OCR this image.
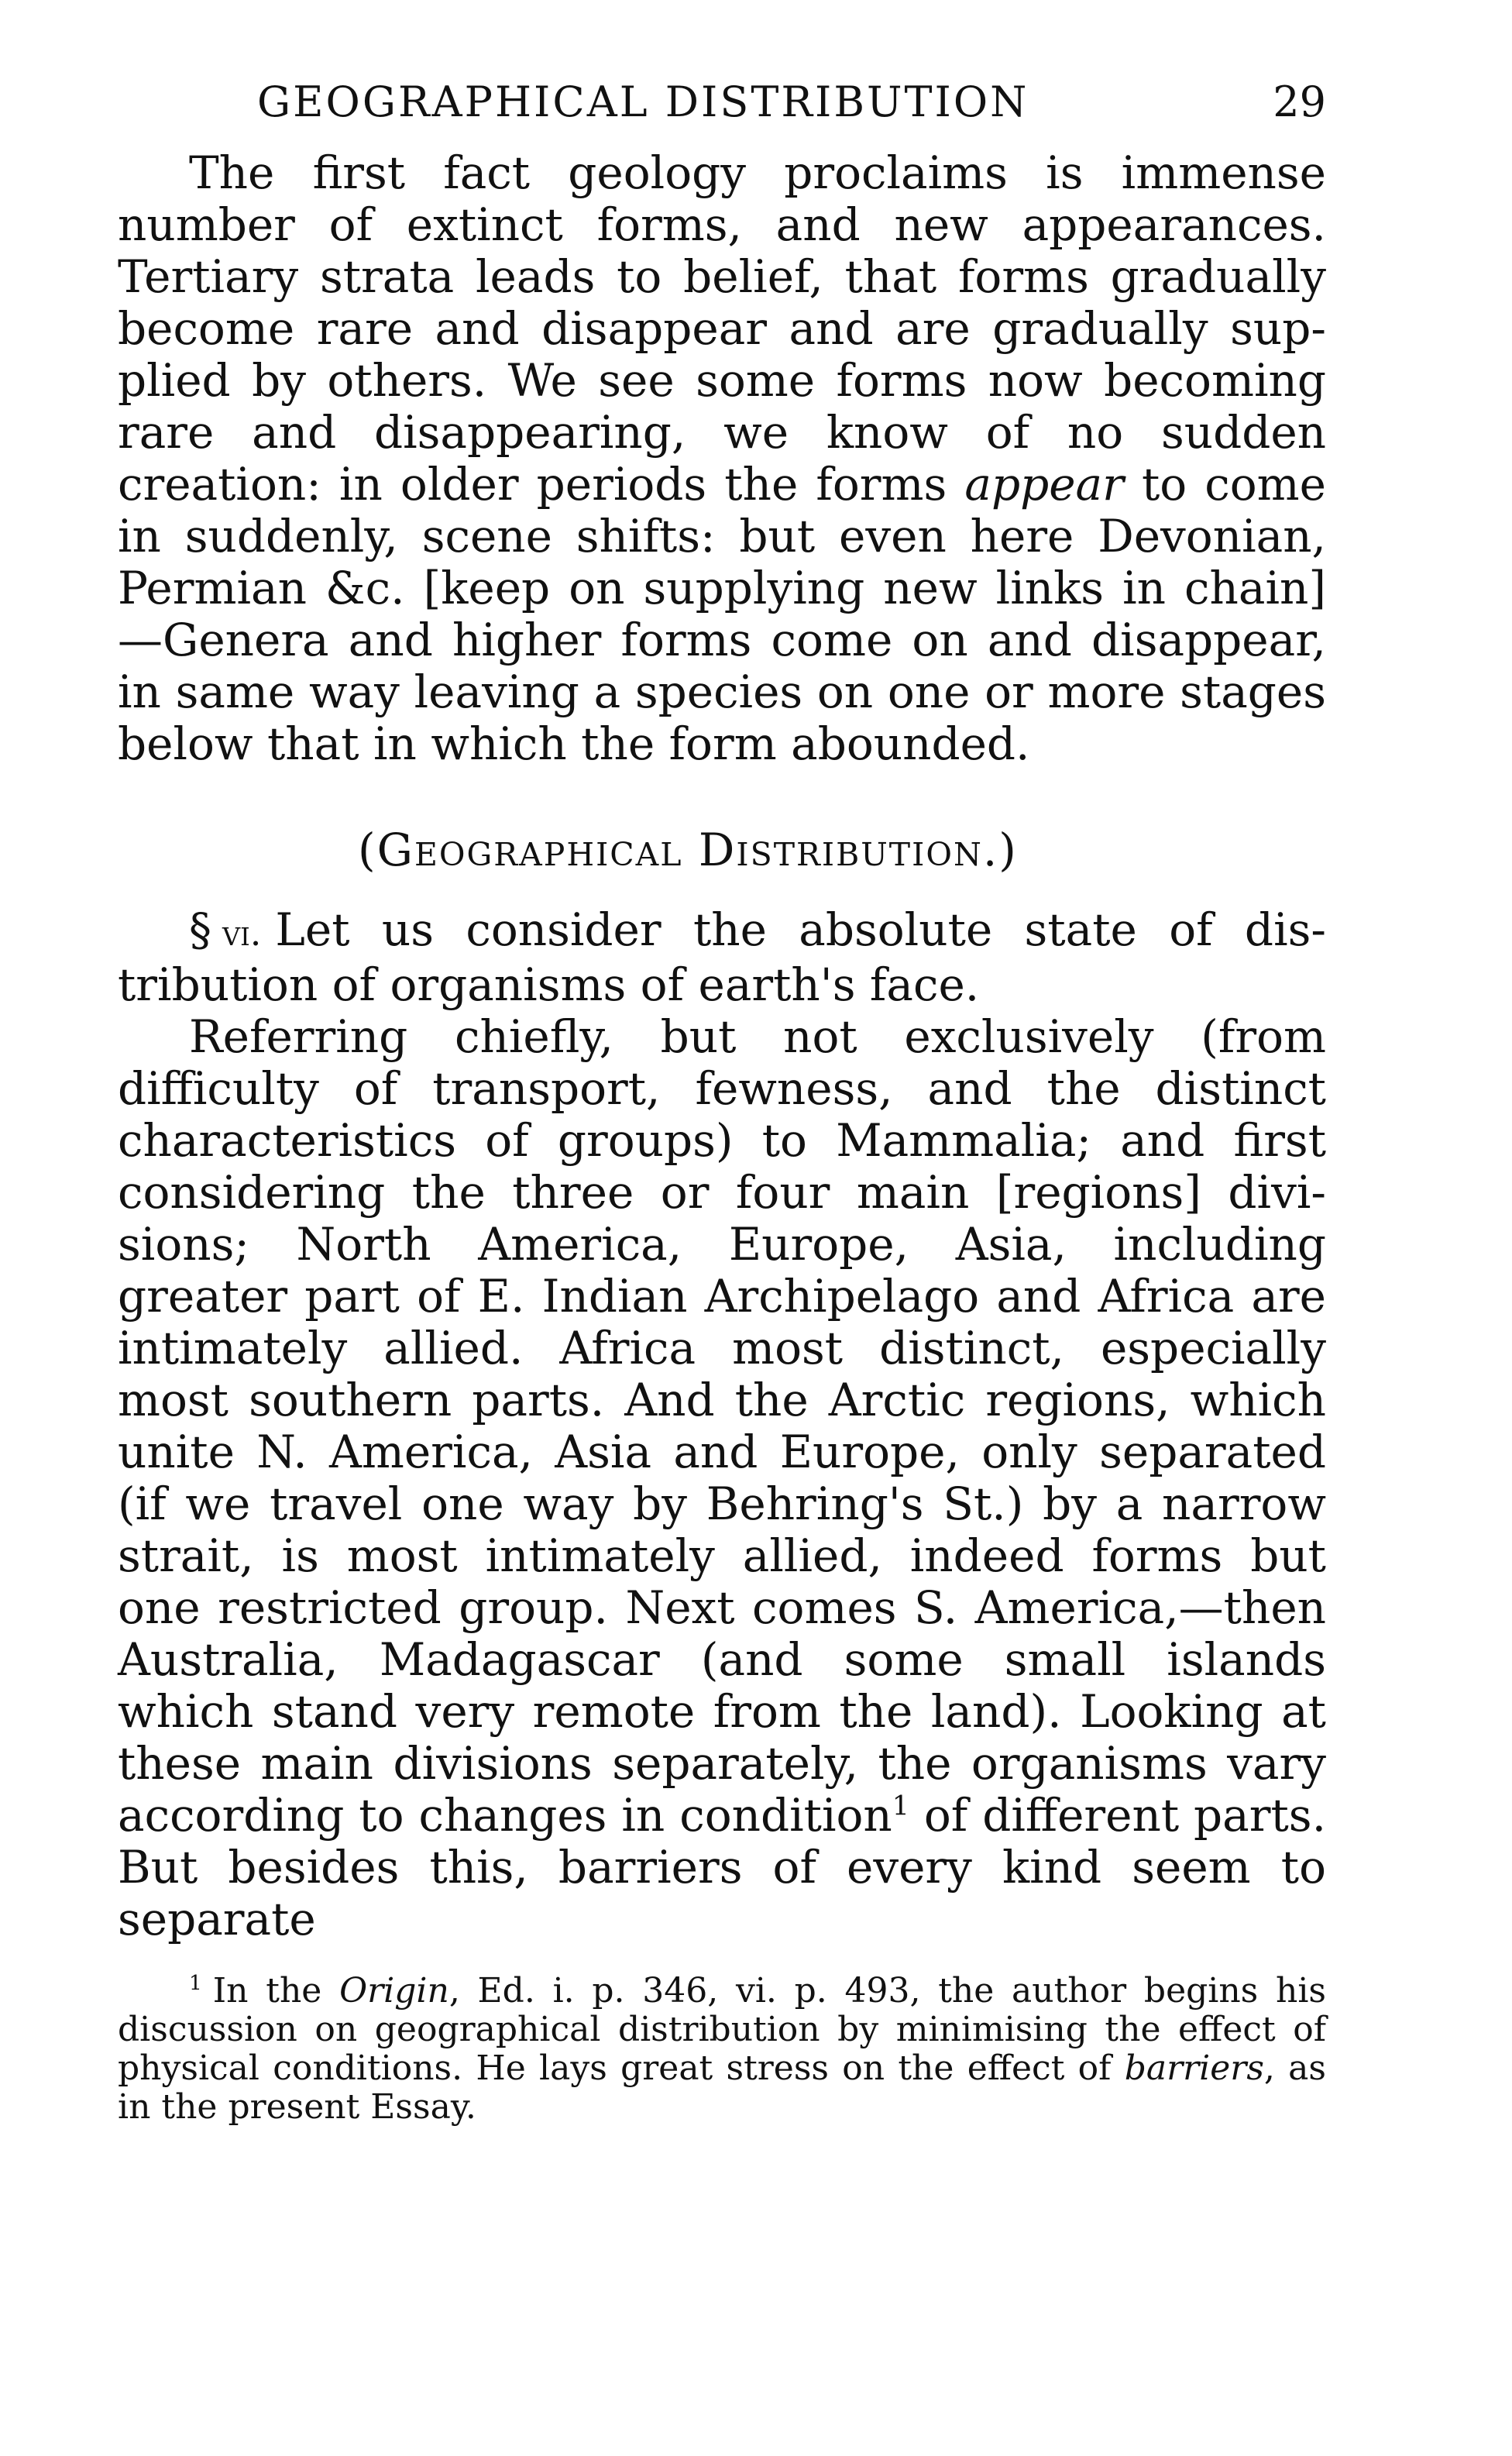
GEOGRAPHICAL DISTRIBUTION	29

The first fact geology proclaims is immense number of extinct forms, and new appearances. Tertiary strata leads to belief, that forms gradually become rare and disappear and are gradually supplied by others. We see some forms now becoming rare and disappearing, we know of no sudden creation: in older periods the forms appear to come in suddenly, scene shifts: but even here Devonian, Permian &c. [keep on supplying new links in chain]—Genera and higher forms come on and disappear, in same way leaving a species on one or more stages below that in which the form abounded.

(Geographical Distribution.)

§ vi. Let us consider the absolute state of distribution of organisms of earth's face.

Referring chiefly, but not exclusively (from difficulty of transport, fewness, and the distinct characteristics of groups) to Mammalia; and first considering the three or four main [regions] divisions; North America, Europe, Asia, including greater part of E. Indian Archipelago and Africa are intimately allied. Africa most distinct, especially most southern parts. And the Arctic regions, which unite N. America, Asia and Europe, only separated (if we travel one way by Behring's St.) by a narrow strait, is most intimately allied, indeed forms but one restricted group. Next comes S. America,—then Australia, Madagascar (and some small islands which stand very remote from the land). Looking at these main divisions separately, the organisms vary according to changes in condition$^1$ of different parts. But besides this, barriers of every kind seem to separate

$^1$ In the Origin, Ed. i. p. 346, vi. p. 493, the author begins his discussion on geographical distribution by minimising the effect of physical conditions. He lays great stress on the effect of barriers, as in the present Essay.
